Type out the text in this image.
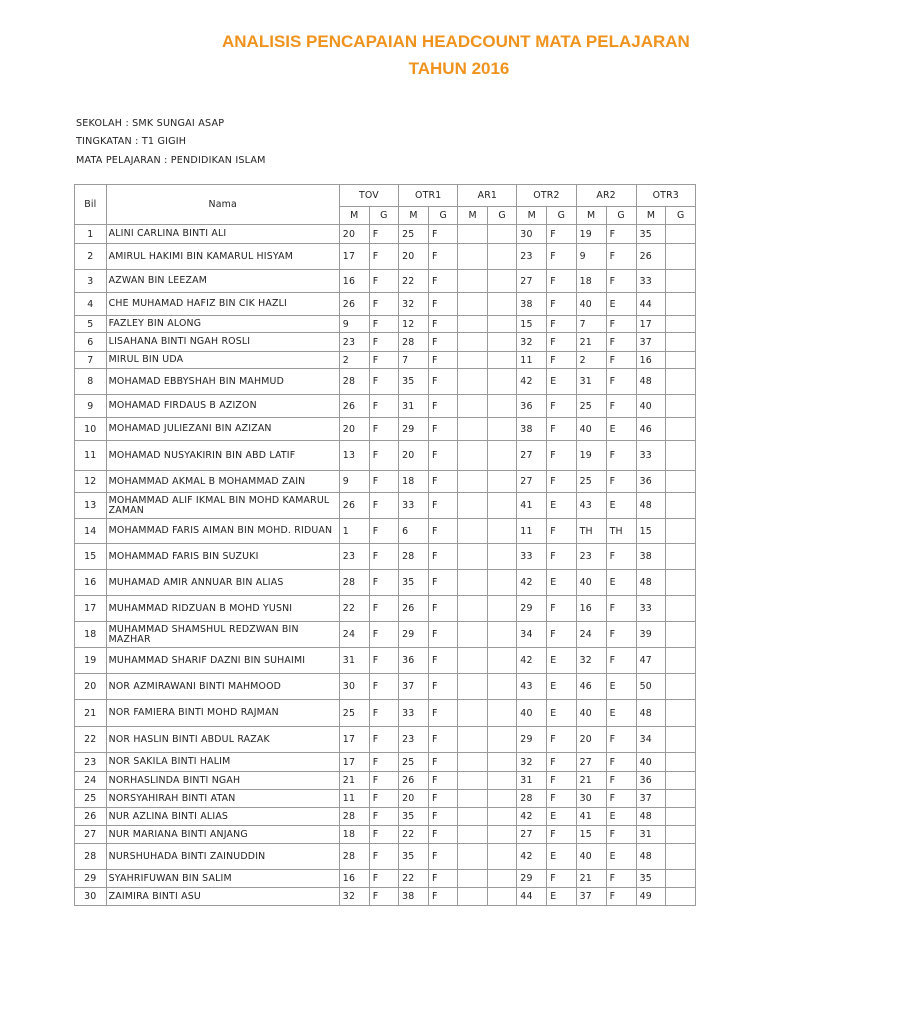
ANALISIS PENCAPAIAN HEADCOUNT MATA PELAJARAN
TAHUN 2016
SEKOLAH : SMK SUNGAI ASAP
TINGKATAN : T1 GIGIH
MATA PELAJARAN : PENDIDIKAN ISLAM
Bil	Nama	TOV		OTR1		AR1		OTR2		AR2		OTR3	
		M	G	M	G	M	G	M	G	M	G	M	G
1	ALINI CARLINA BINTI ALI	20	F	25	F			30	F	19	F	35	
2	AMIRUL HAKIMI BIN KAMARUL HISYAM	17	F	20	F			23	F	9	F	26	
3	AZWAN BIN LEEZAM	16	F	22	F			27	F	18	F	33	
4	CHE MUHAMAD HAFIZ BIN CIK HAZLI	26	F	32	F			38	F	40	E	44	
5	FAZLEY BIN ALONG	9	F	12	F			15	F	7	F	17	
6	LISAHANA BINTI NGAH ROSLI	23	F	28	F			32	F	21	F	37	
7	MIRUL BIN UDA	2	F	7	F			11	F	2	F	16	
8	MOHAMAD EBBYSHAH BIN MAHMUD	28	F	35	F			42	E	31	F	48	
9	MOHAMAD FIRDAUS B AZIZON	26	F	31	F			36	F	25	F	40	
10	MOHAMAD JULIEZANI BIN AZIZAN	20	F	29	F			38	F	40	E	46	
11	MOHAMAD NUSYAKIRIN BIN ABD LATIF	13	F	20	F			27	F	19	F	33	
12	MOHAMMAD AKMAL B MOHAMMAD ZAIN	9	F	18	F			27	F	25	F	36	
13	MOHAMMAD ALIF IKMAL BIN MOHD KAMARUL ZAMAN	26	F	33	F			41	E	43	E	48	
14	MOHAMMAD FARIS AIMAN BIN MOHD. RIDUAN	1	F	6	F			11	F	TH	TH	15	
15	MOHAMMAD FARIS BIN SUZUKI	23	F	28	F			33	F	23	F	38	
16	MUHAMAD AMIR ANNUAR BIN ALIAS	28	F	35	F			42	E	40	E	48	
17	MUHAMMAD RIDZUAN B MOHD YUSNI	22	F	26	F			29	F	16	F	33	
18	MUHAMMAD SHAMSHUL REDZWAN BIN MAZHAR	24	F	29	F			34	F	24	F	39	
19	MUHAMMAD SHARIF DAZNI BIN SUHAIMI	31	F	36	F			42	E	32	F	47	
20	NOR AZMIRAWANI BINTI MAHMOOD	30	F	37	F			43	E	46	E	50	
21	NOR FAMIERA BINTI MOHD RAJMAN	25	F	33	F			40	E	40	E	48	
22	NOR HASLIN BINTI ABDUL RAZAK	17	F	23	F			29	F	20	F	34	
23	NOR SAKILA BINTI HALIM	17	F	25	F			32	F	27	F	40	
24	NORHASLINDA BINTI NGAH	21	F	26	F			31	F	21	F	36	
25	NORSYAHIRAH BINTI ATAN	11	F	20	F			28	F	30	F	37	
26	NUR AZLINA BINTI ALIAS	28	F	35	F			42	E	41	E	48	
27	NUR MARIANA BINTI ANJANG	18	F	22	F			27	F	15	F	31	
28	NURSHUHADA BINTI ZAINUDDIN	28	F	35	F			42	E	40	E	48	
29	SYAHRIFUWAN BIN SALIM	16	F	22	F			29	F	21	F	35	
30	ZAIMIRA BINTI ASU	32	F	38	F			44	E	37	F	49	
